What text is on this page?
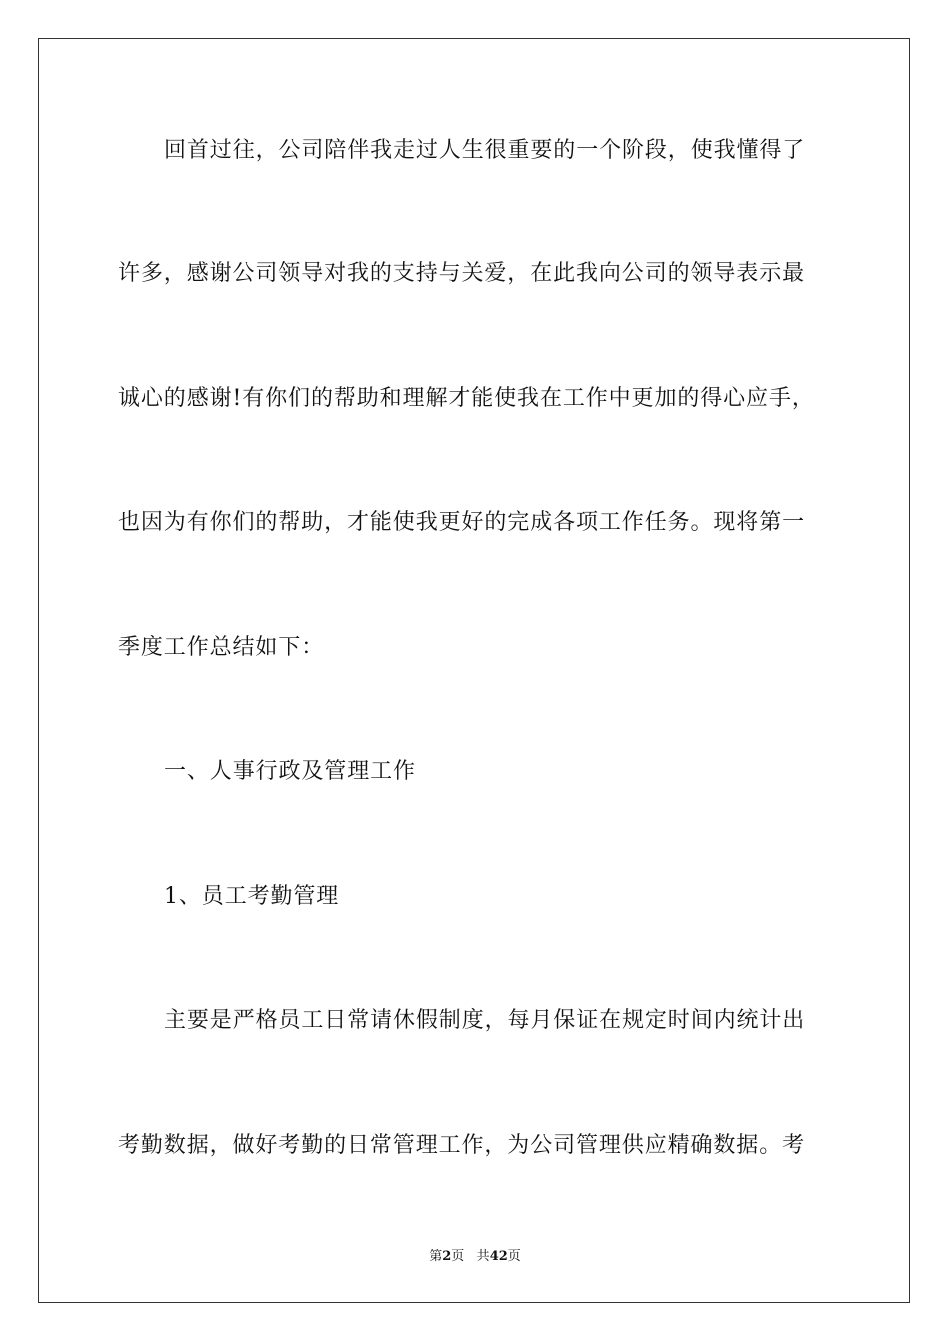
回首过往，公司陪伴我走过人生很重要的一个阶段，使我懂得了
许多，感谢公司领导对我的支持与关爱，在此我向公司的领导表示最
诚心的感谢!有你们的帮助和理解才能使我在工作中更加的得心应手，
也因为有你们的帮助，才能使我更好的完成各项工作任务。现将第一
季度工作总结如下：
一、人事行政及管理工作
1、员工考勤管理
主要是严格员工日常请休假制度，每月保证在规定时间内统计出
考勤数据，做好考勤的日常管理工作，为公司管理供应精确数据。考
第2页 共42页
